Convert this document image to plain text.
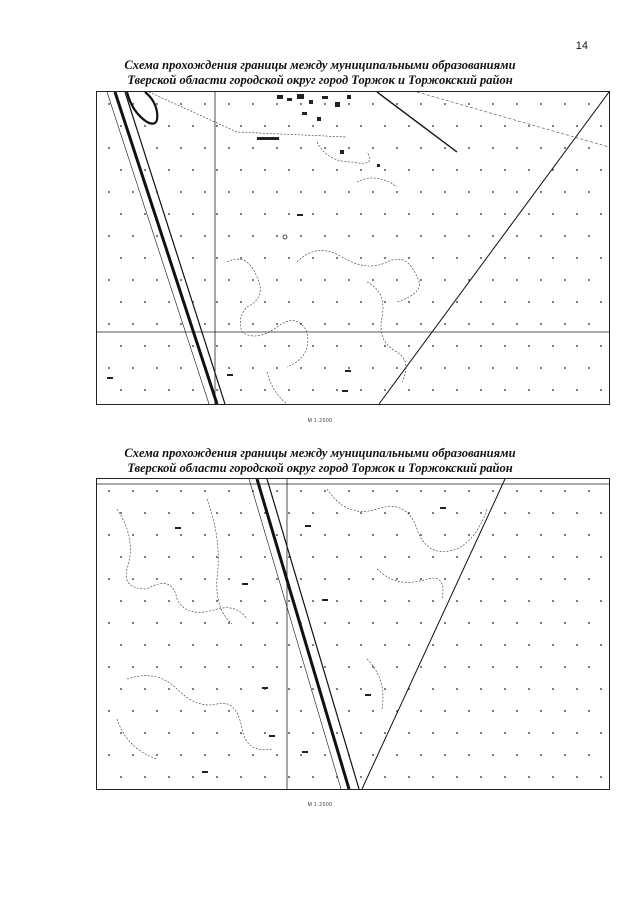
14
Схема прохождения границы между муниципальными образованиями
Тверской области городской округ город Торжок и Торжокский район
М 1:2000
Схема прохождения границы между муниципальными образованиями
Тверской области городской округ город Торжок и Торжокский район
М 1:2000
